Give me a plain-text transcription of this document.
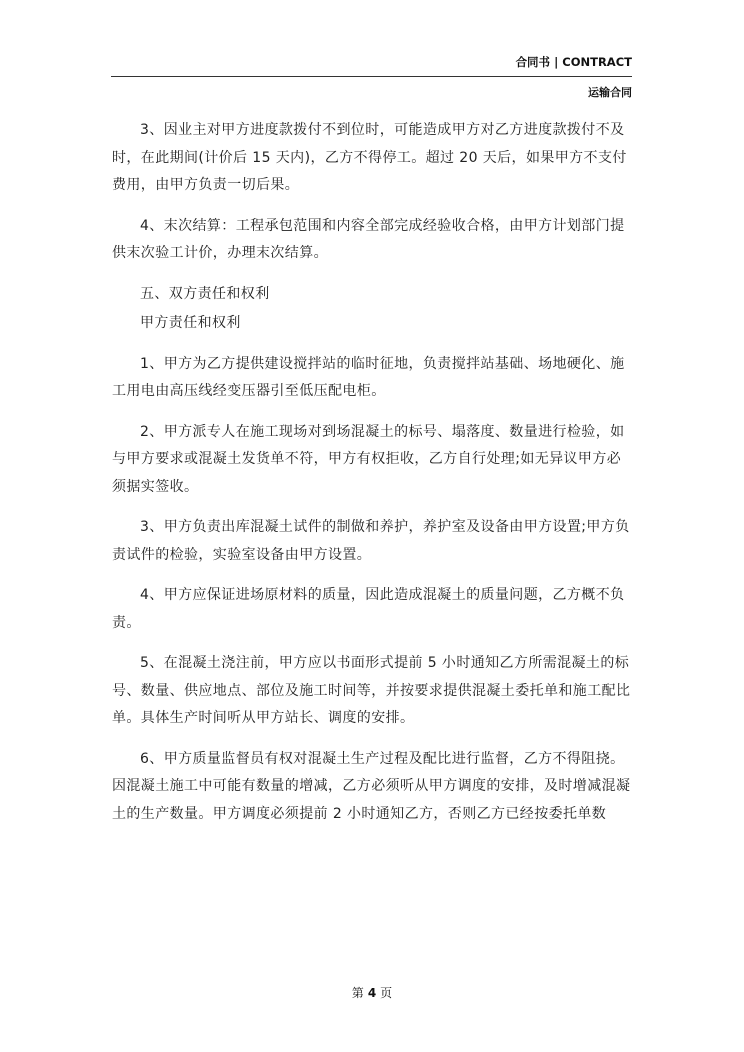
合同书 | CONTRACT
运输合同

3、因业主对甲方进度款拨付不到位时，可能造成甲方对乙方进度款拨付不及时，在此期间(计价后 15 天内)，乙方不得停工。超过 20 天后，如果甲方不支付费用，由甲方负责一切后果。

4、末次结算：工程承包范围和内容全部完成经验收合格，由甲方计划部门提供末次验工计价，办理末次结算。

五、双方责任和权利

甲方责任和权利

1、甲方为乙方提供建设搅拌站的临时征地，负责搅拌站基础、场地硬化、施工用电由高压线经变压器引至低压配电柜。

2、甲方派专人在施工现场对到场混凝土的标号、塌落度、数量进行检验，如与甲方要求或混凝土发货单不符，甲方有权拒收，乙方自行处理;如无异议甲方必须据实签收。

3、甲方负责出库混凝土试件的制做和养护，养护室及设备由甲方设置;甲方负责试件的检验，实验室设备由甲方设置。

4、甲方应保证进场原材料的质量，因此造成混凝土的质量问题，乙方概不负责。

5、在混凝土浇注前，甲方应以书面形式提前 5 小时通知乙方所需混凝土的标号、数量、供应地点、部位及施工时间等，并按要求提供混凝土委托单和施工配比单。具体生产时间听从甲方站长、调度的安排。

6、甲方质量监督员有权对混凝土生产过程及配比进行监督，乙方不得阻挠。因混凝土施工中可能有数量的增减，乙方必须听从甲方调度的安排，及时增减混凝土的生产数量。甲方调度必须提前 2 小时通知乙方，否则乙方已经按委托单数

第 4 页
